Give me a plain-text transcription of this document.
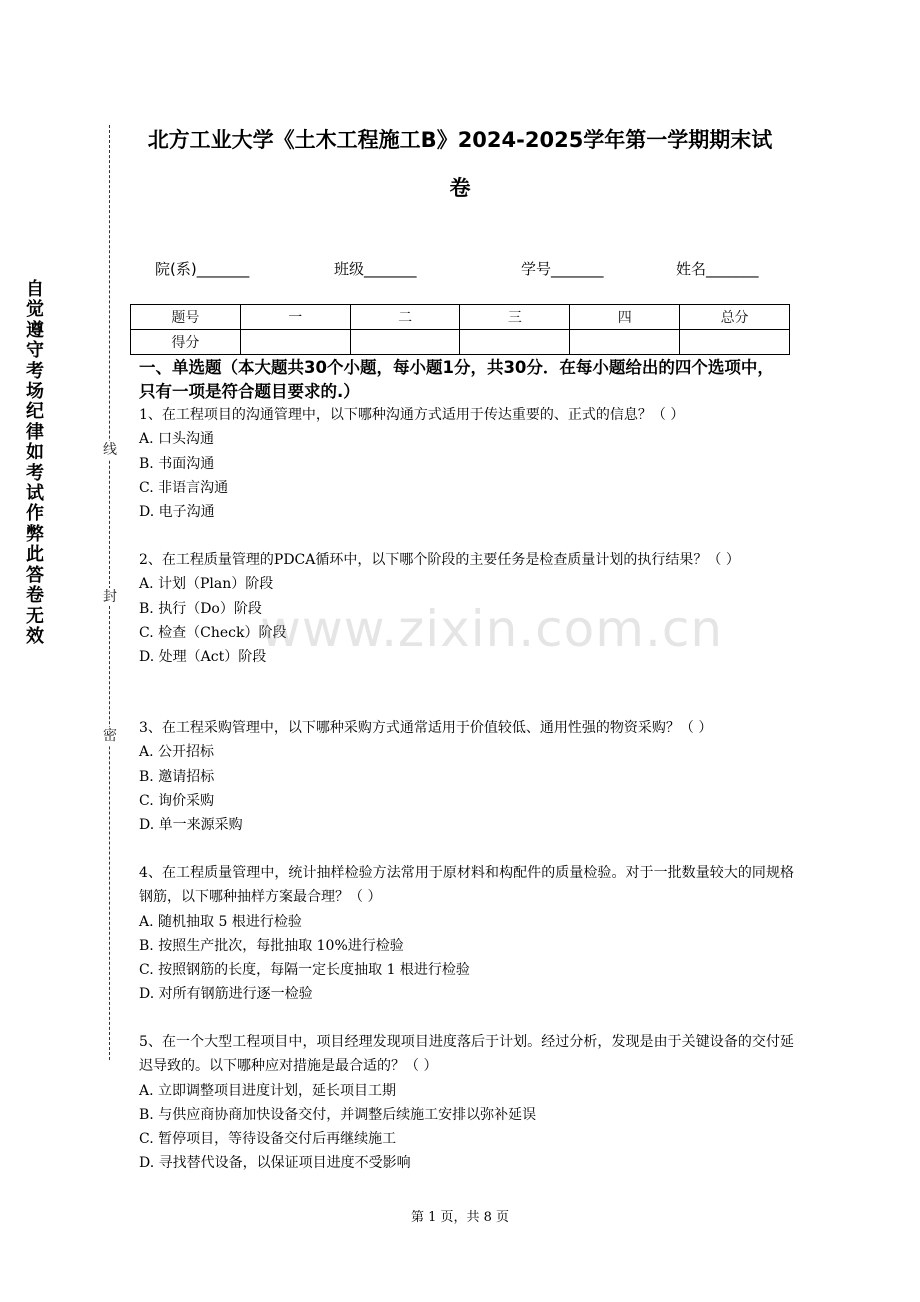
自觉遵守考场纪律如考试作弊此答卷无效
线
封
密
北方工业大学《土木工程施工B》2024-2025学年第一学期期末试
卷
院(系)_______	班级_______	学号_______	姓名_______
题号	一	二	三	四	总分
得分					
一、单选题（本大题共30个小题，每小题1分，共30分．在每小题给出的四个选项中，只有一项是符合题目要求的.）

1、在工程项目的沟通管理中，以下哪种沟通方式适用于传达重要的、正式的信息？（ ）

A. 口头沟通

B. 书面沟通

C. 非语言沟通

D. 电子沟通

2、在工程质量管理的PDCA循环中，以下哪个阶段的主要任务是检查质量计划的执行结果？（ ）

A. 计划（Plan）阶段

B. 执行（Do）阶段

C. 检查（Check）阶段

D. 处理（Act）阶段

3、在工程采购管理中，以下哪种采购方式通常适用于价值较低、通用性强的物资采购？（ ）

A. 公开招标

B. 邀请招标

C. 询价采购

D. 单一来源采购

4、在工程质量管理中，统计抽样检验方法常用于原材料和构配件的质量检验。对于一批数量较大的同规格钢筋，以下哪种抽样方案最合理？（ ）

A. 随机抽取 5 根进行检验

B. 按照生产批次，每批抽取 10%进行检验

C. 按照钢筋的长度，每隔一定长度抽取 1 根进行检验

D. 对所有钢筋进行逐一检验

5、在一个大型工程项目中，项目经理发现项目进度落后于计划。经过分析，发现是由于关键设备的交付延迟导致的。以下哪种应对措施是最合适的？（ ）

A. 立即调整项目进度计划，延长项目工期

B. 与供应商协商加快设备交付，并调整后续施工安排以弥补延误

C. 暂停项目，等待设备交付后再继续施工

D. 寻找替代设备，以保证项目进度不受影响

www.zixin.com.cn
第 1 页，共 8 页
